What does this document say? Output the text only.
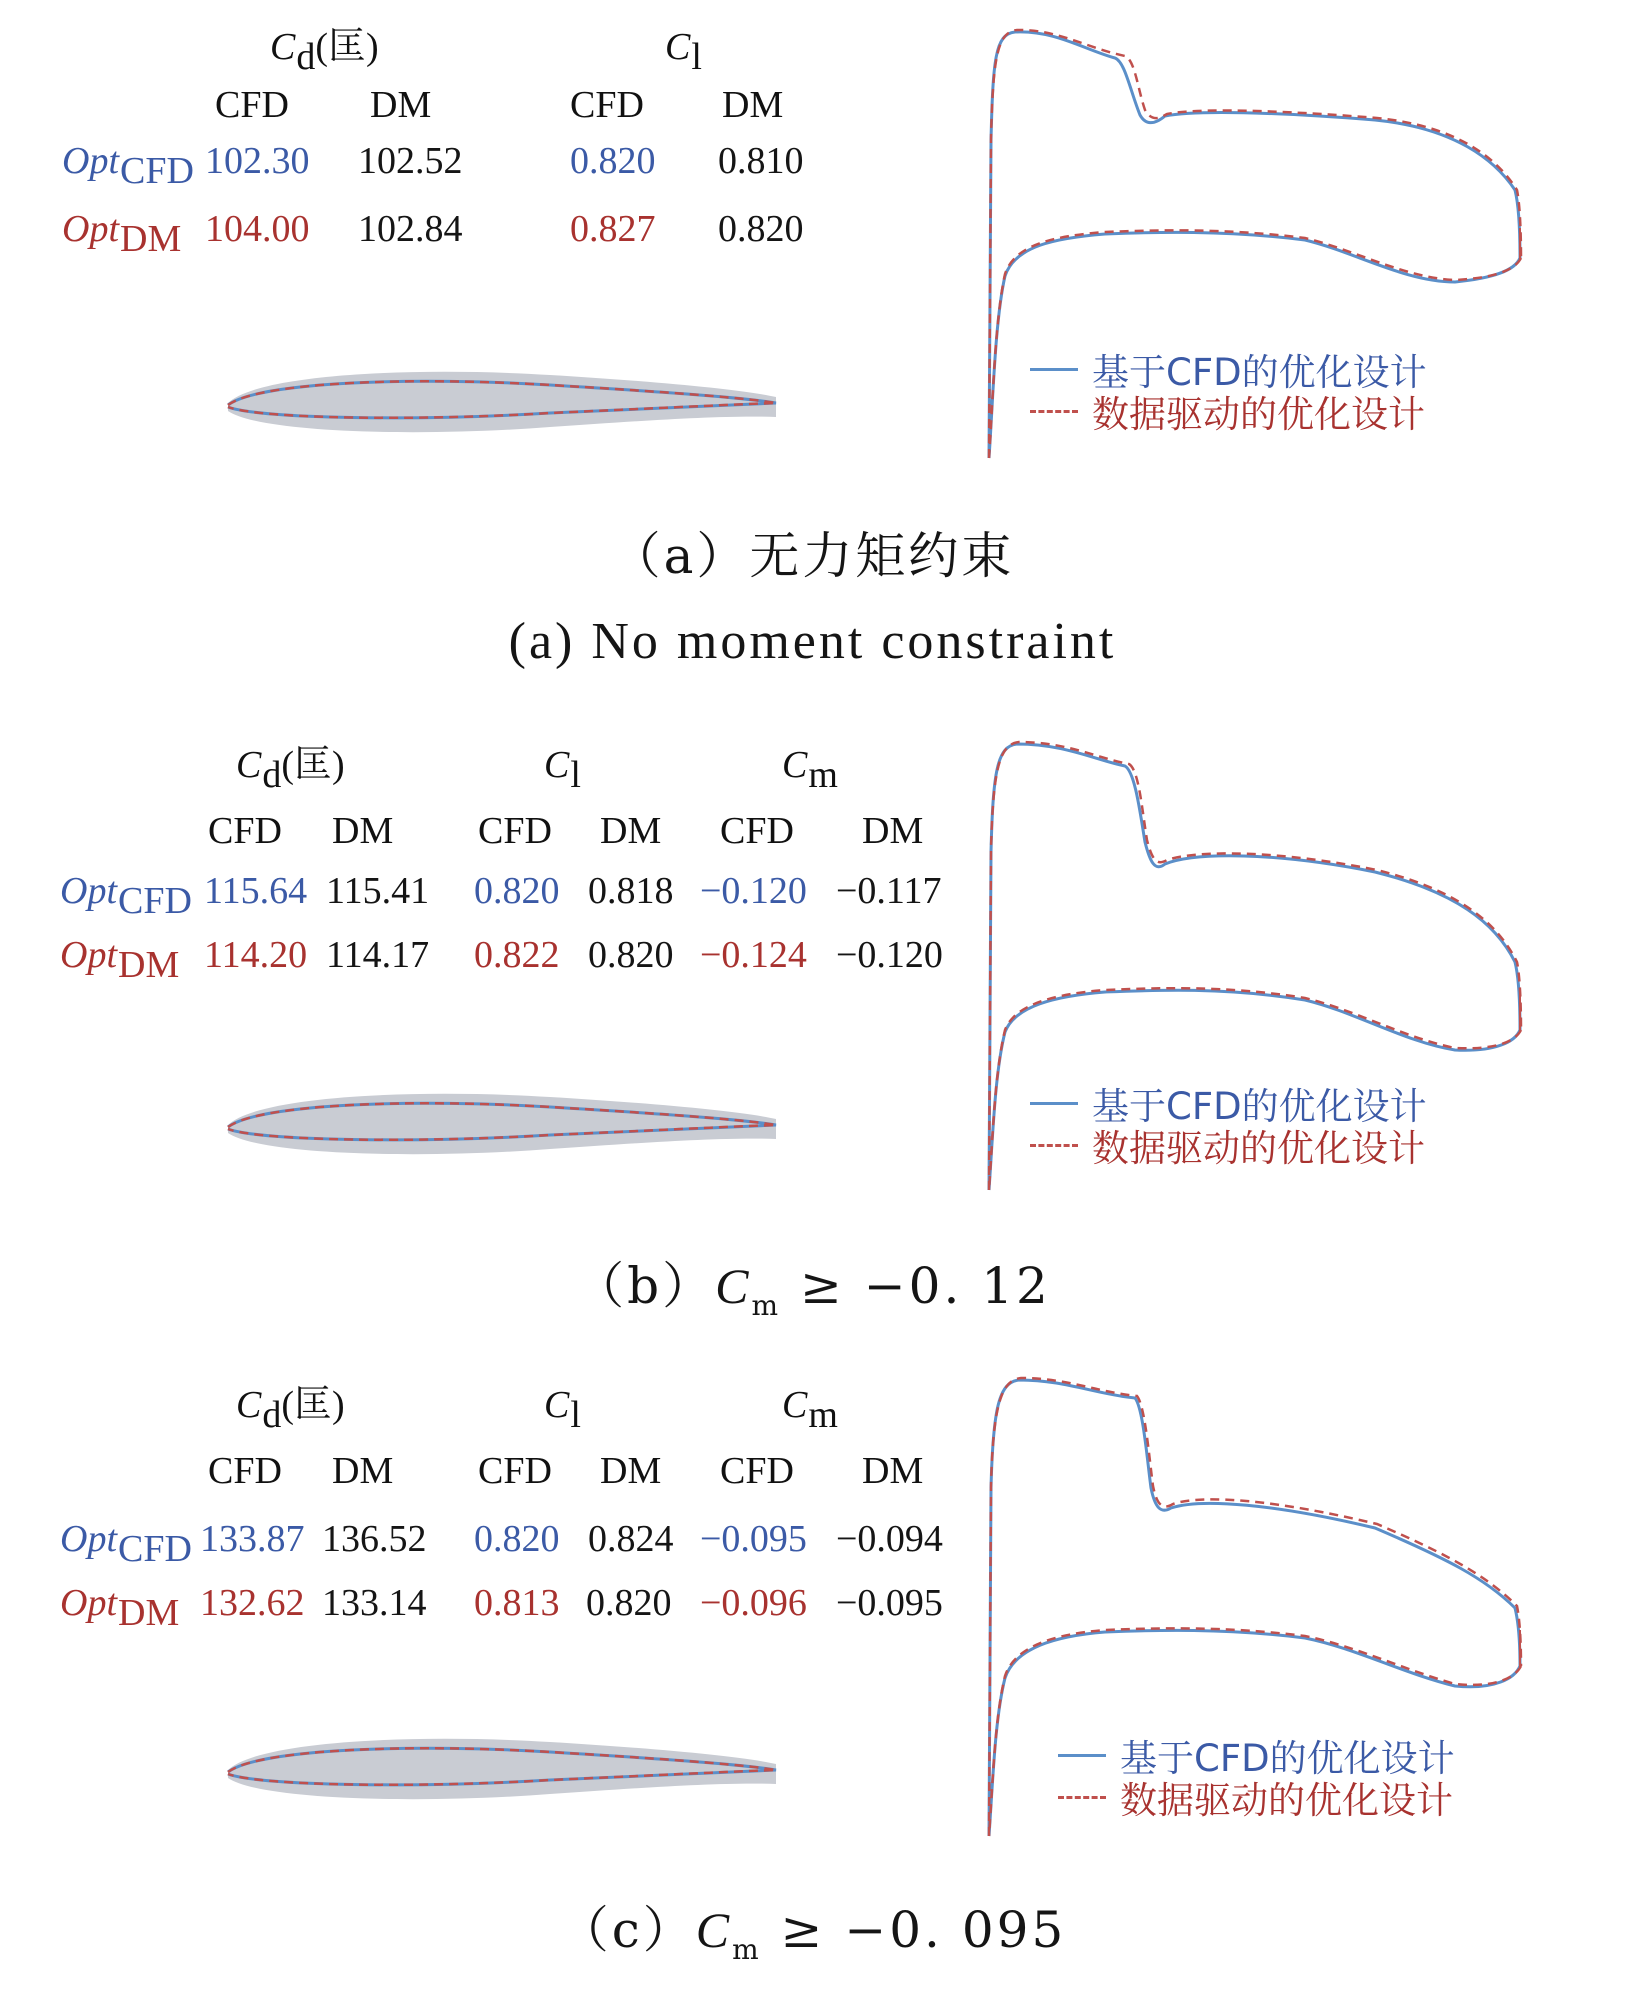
Cd(匡)	Cl
CFD DM	CFD DM
OptCFD 102.30 102.52	0.820 0.810
OptDM 104.00 102.84	0.827 0.820
基于CFD的优化设计
数据驱动的优化设计
（a）无力矩约束
(a) No moment constraint
Cd(匡)	Cl	Cm
CFD DM CFD DM CFD DM
OptCFD 115.64 115.41 0.820 0.818 −0.120 −0.117
OptDM 114.20 114.17 0.822 0.820 −0.124 −0.120
基于CFD的优化设计
数据驱动的优化设计
$(b)C_m \ge -0$. 12
Cd(匡)	Cl	Cm
CFD DM CFD DM CFD DM
OptCFD 133.87 136.52 0.820 0.824 −0.095 −0.094
OptDM 132.62 133.14 0.813 0.820 −0.096 −0.095
基于CFD的优化设计
数据驱动的优化设计
$(c)C_m \ge -0$. 095
